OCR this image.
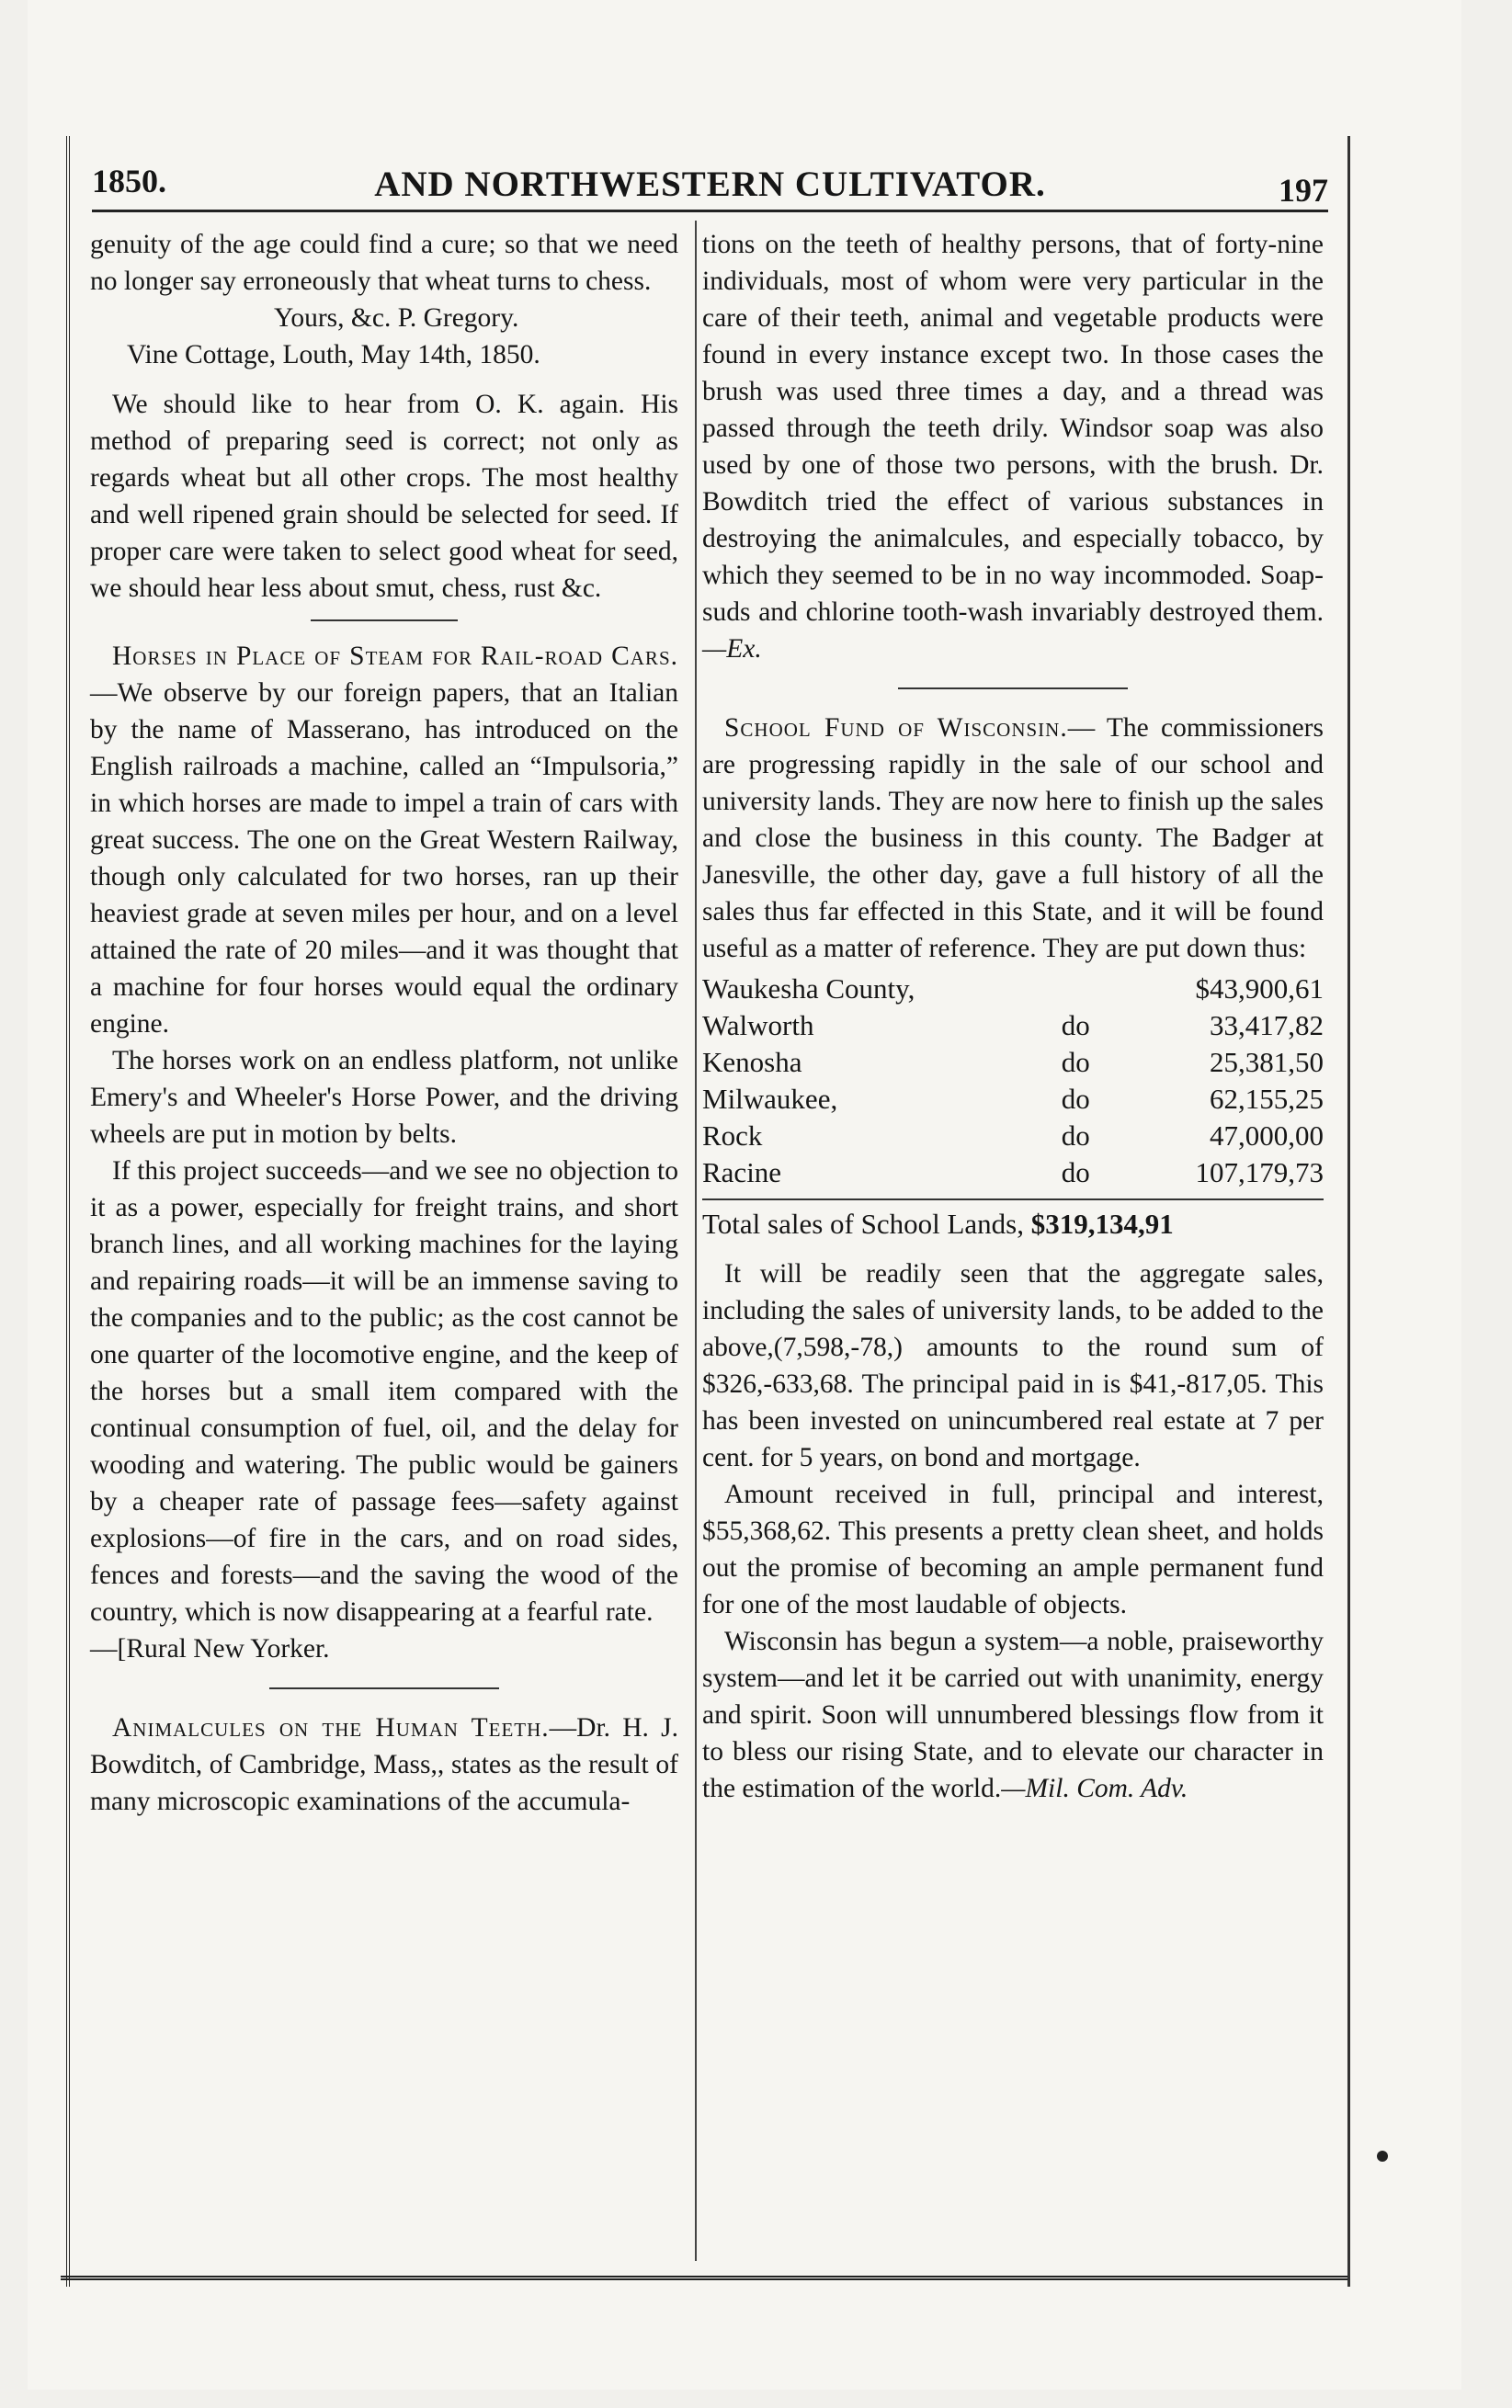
1850.	AND NORTHWESTERN CULTIVATOR.	197

genuity of the age could find a cure; so that we need no longer say erroneously that wheat turns to chess.

Yours, &c. P. Gregory.

Vine Cottage, Louth, May 14th, 1850.

We should like to hear from O. K. again. His method of preparing seed is correct; not only as regards wheat but all other crops. The most healthy and well ripened grain should be selected for seed. If proper care were taken to select good wheat for seed, we should hear less about smut, chess, rust &c.

Horses in Place of Steam for Rail-road Cars.—We observe by our foreign papers, that an Italian by the name of Masserano, has introduced on the English railroads a machine, called an “Impulsoria,” in which horses are made to impel a train of cars with great success. The one on the Great Western Railway, though only calculated for two horses, ran up their heaviest grade at seven miles per hour, and on a level attained the rate of 20 miles—and it was thought that a machine for four horses would equal the ordinary engine.

The horses work on an endless platform, not unlike Emery's and Wheeler's Horse Power, and the driving wheels are put in motion by belts.

If this project succeeds—and we see no objection to it as a power, especially for freight trains, and short branch lines, and all working machines for the laying and repairing roads—it will be an immense saving to the companies and to the public; as the cost cannot be one quarter of the locomotive engine, and the keep of the horses but a small item compared with the continual consumption of fuel, oil, and the delay for wooding and watering. The public would be gainers by a cheaper rate of passage fees—safety against explosions—of fire in the cars, and on road sides, fences and forests—and the saving the wood of the country, which is now disappearing at a fearful rate.

—[Rural New Yorker.

Animalcules on the Human Teeth.—Dr. H. J. Bowditch, of Cambridge, Mass,, states as the result of many microscopic examinations of the accumula-

tions on the teeth of healthy persons, that of forty-nine individuals, most of whom were very particular in the care of their teeth, animal and vegetable products were found in every instance except two. In those cases the brush was used three times a day, and a thread was passed through the teeth drily. Windsor soap was also used by one of those two persons, with the brush. Dr. Bowditch tried the effect of various substances in destroying the animalcules, and especially tobacco, by which they seemed to be in no way incommoded. Soap-suds and chlorine tooth-wash invariably destroyed them.—Ex.

School Fund of Wisconsin.— The commissioners are progressing rapidly in the sale of our school and university lands. They are now here to finish up the sales and close the business in this county. The Badger at Janesville, the other day, gave a full history of all the sales thus far effected in this State, and it will be found useful as a matter of reference. They are put down thus:

Waukesha County,		$43,900,61
Walworth	do	33,417,82
Kenosha	do	25,381,50
Milwaukee,	do	62,155,25
Rock	do	47,000,00
Racine	do	107,179,73

Total sales of School Lands, $319,134,91

It will be readily seen that the aggregate sales, including the sales of university lands, to be added to the above,(7,598,-78,) amounts to the round sum of $326,-633,68. The principal paid in is $41,-817,05. This has been invested on unincumbered real estate at 7 per cent. for 5 years, on bond and mortgage.

Amount received in full, principal and interest, $55,368,62. This presents a pretty clean sheet, and holds out the promise of becoming an ample permanent fund for one of the most laudable of objects.

Wisconsin has begun a system—a noble, praiseworthy system—and let it be carried out with unanimity, energy and spirit. Soon will unnumbered blessings flow from it to bless our rising State, and to elevate our character in the estimation of the world.—Mil. Com. Adv.
